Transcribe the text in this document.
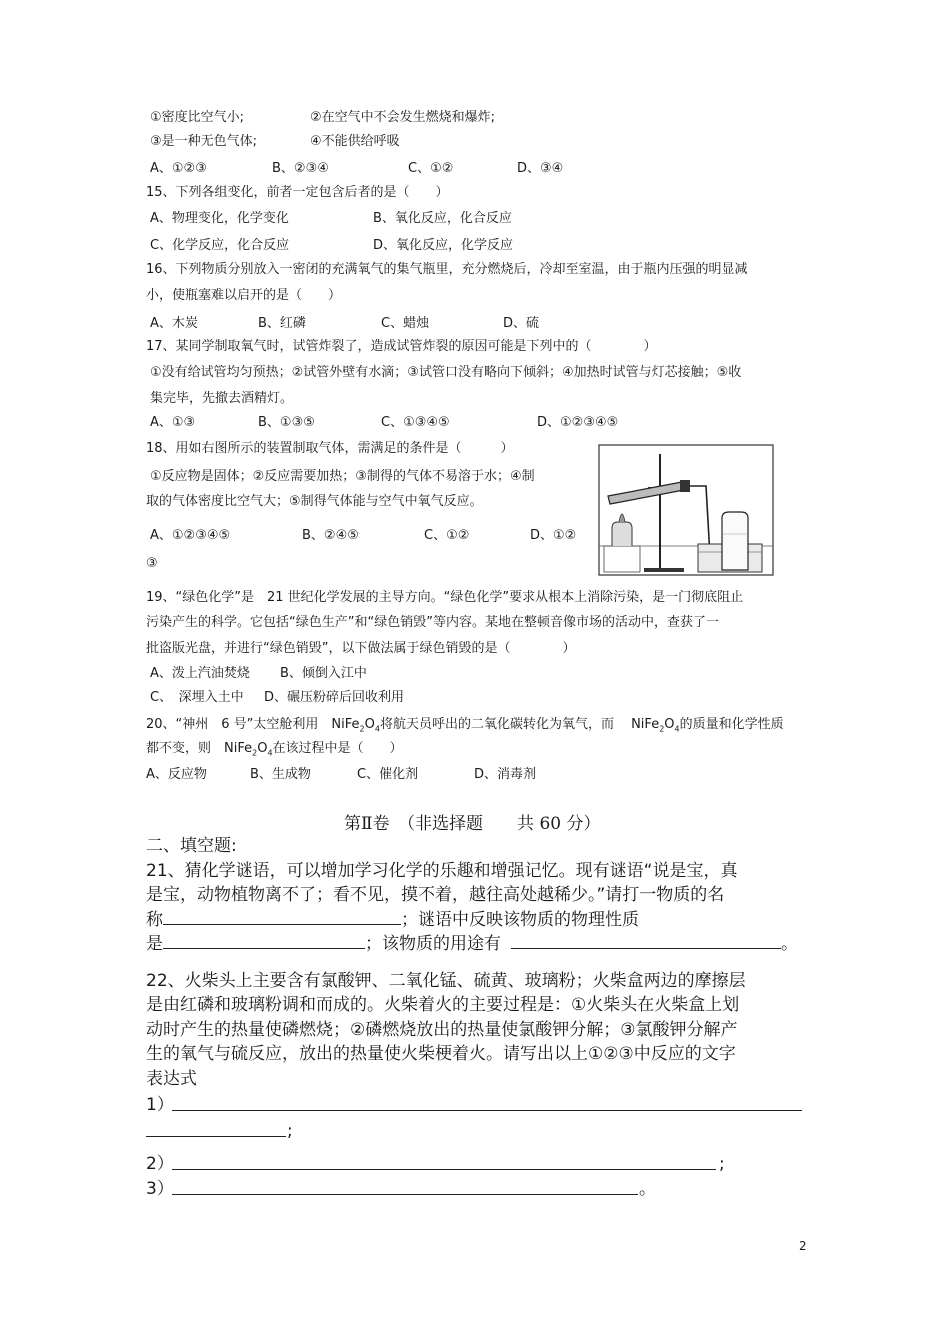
①密度比空气小;	②在空气中不会发生燃烧和爆炸;
③是一种无色气体;	④不能供给呼吸
A、①②③	B、②③④	C、①②	D、③④
15、下列各组变化，前者一定包含后者的是（　　）
A、物理变化，化学变化	B、氧化反应，化合反应
C、化学反应，化合反应	D、氧化反应，化学反应
16、下列物质分别放入一密闭的充满氧气的集气瓶里，充分燃烧后，冷却至室温，由于瓶内压强的明显减
小，使瓶塞难以启开的是（　　）
A、木炭	B、红磷	C、蜡烛	D、硫
17、某同学制取氧气时，试管炸裂了，造成试管炸裂的原因可能是下列中的（　　　　）
①没有给试管均匀预热；②试管外壁有水滴；③试管口没有略向下倾斜；④加热时试管与灯芯接触；⑤收
集完毕，先撤去酒精灯。
A、①③	B、①③⑤	C、①③④⑤	D、①②③④⑤
18、用如右图所示的装置制取气体，需满足的条件是（　　　）
①反应物是固体；②反应需要加热；③制得的气体不易溶于水；④制
取的气体密度比空气大；⑤制得气体能与空气中氧气反应。
A、①②③④⑤	B、②④⑤	C、①②	D、①②
③
19、“绿色化学”是　21 世纪化学发展的主导方向。“绿色化学”要求从根本上消除污染，是一门彻底阻止
污染产生的科学。它包括“绿色生产”和“绿色销毁”等内容。某地在整顿音像市场的活动中，查获了一
批盗版光盘，并进行“绿色销毁”，以下做法属于绿色销毁的是（　　　　）
A、泼上汽油焚烧 B、倾倒入江中
C、　深埋入土中 D、碾压粉碎后回收利用
20、“神州　6 号”太空舱利用　$NiFe_2O_4$将航天员呼出的二氧化碳转化为氧气，而　 $NiFe_2O_4$的质量和化学性质
都不变，则　$NiFe_2O_4$在该过程中是（　　）
A、反应物	B、生成物	C、催化剂	D、消毒剂
第Ⅱ卷　（非选择题　　共 60 分）
二、填空题:
21、猜化学谜语，可以增加学习化学的乐趣和增强记忆。现有谜语“说是宝，真
是宝，动物植物离不了；看不见，摸不着，越往高处越稀少。”请打一物质的名
称	；谜语中反映该物质的物理性质
是	；该物质的用途有	。
22、火柴头上主要含有氯酸钾、二氧化锰、硫黄、玻璃粉；火柴盒两边的摩擦层
是由红磷和玻璃粉调和而成的。火柴着火的主要过程是：①火柴头在火柴盒上划
动时产生的热量使磷燃烧；②磷燃烧放出的热量使氯酸钾分解；③氯酸钾分解产
生的氧气与硫反应，放出的热量使火柴梗着火。请写出以上①②③中反应的文字
表达式
1）
;
2）	;
3）	。
2
